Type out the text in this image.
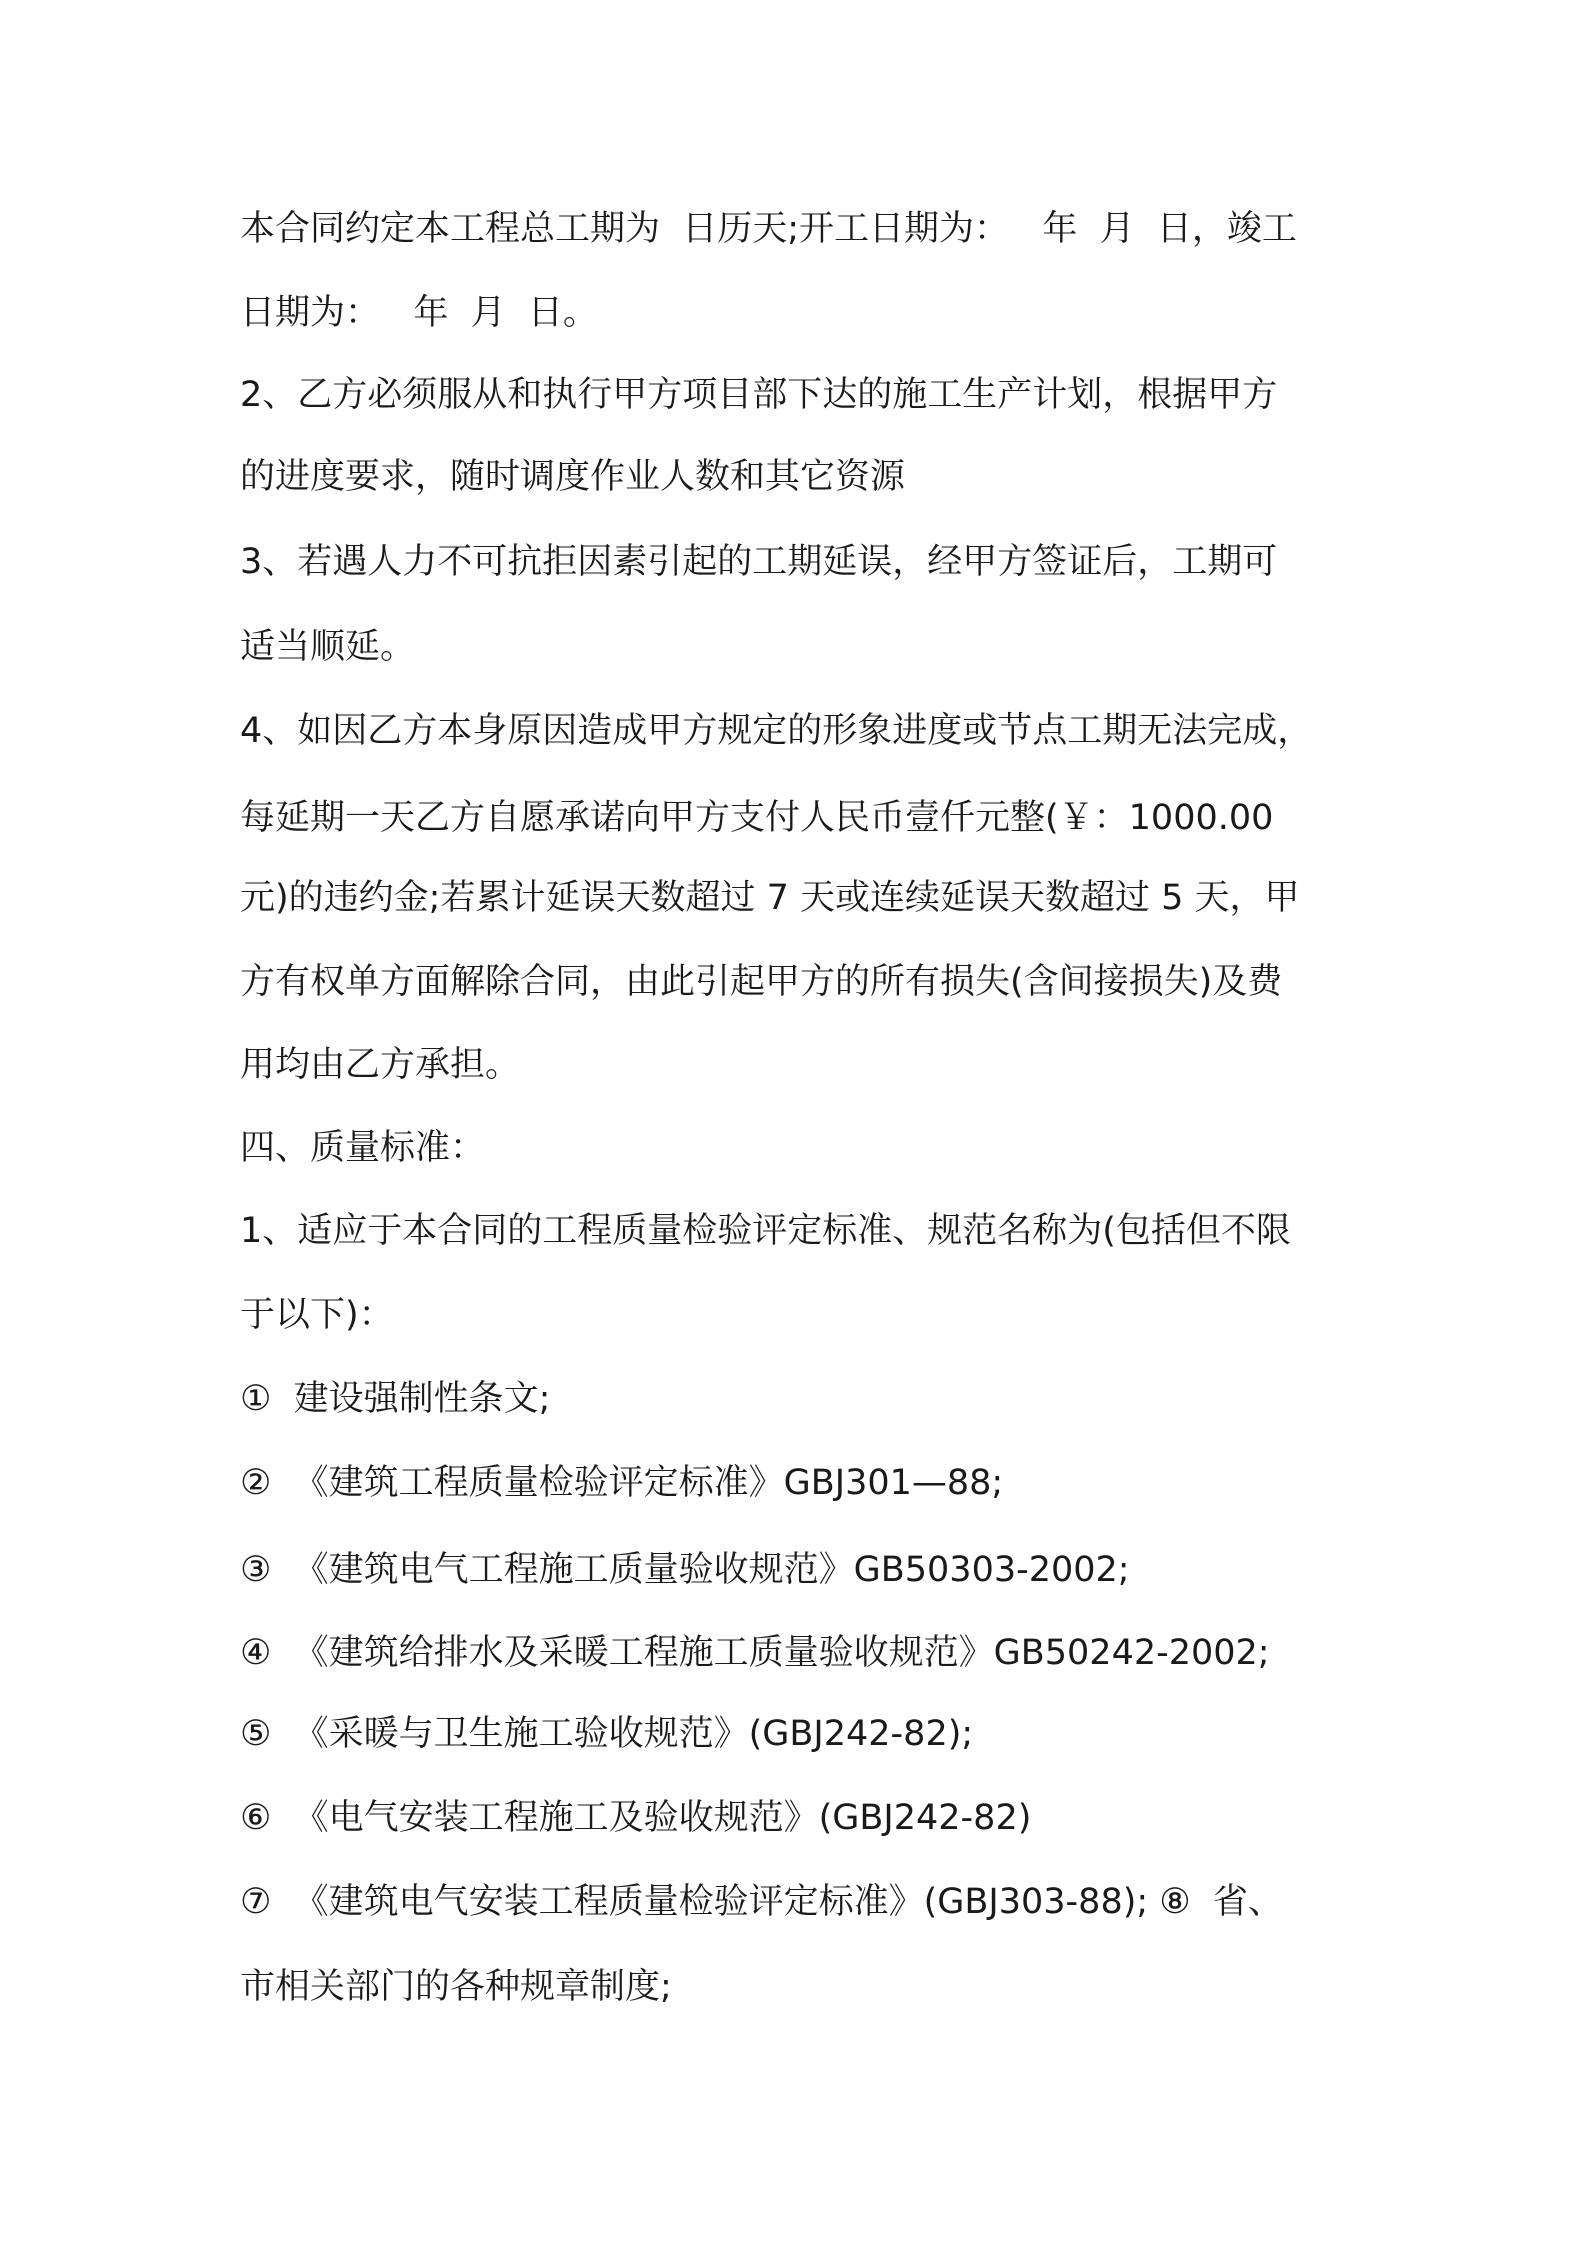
本合同约定本工程总工期为  日历天;开工日期为：   年  月  日，竣工

日期为：   年  月  日。

2、乙方必须服从和执行甲方项目部下达的施工生产计划，根据甲方

的进度要求，随时调度作业人数和其它资源

3、若遇人力不可抗拒因素引起的工期延误，经甲方签证后，工期可

适当顺延。

4、如因乙方本身原因造成甲方规定的形象进度或节点工期无法完成，

每延期一天乙方自愿承诺向甲方支付人民币壹仟元整(￥：1000.00

元)的违约金;若累计延误天数超过 7 天或连续延误天数超过 5 天，甲

方有权单方面解除合同，由此引起甲方的所有损失(含间接损失)及费

用均由乙方承担。

四、质量标准：

1、适应于本合同的工程质量检验评定标准、规范名称为(包括但不限

于以下)：

①  建设强制性条文;

②  《建筑工程质量检验评定标准》GBJ301—88;

③  《建筑电气工程施工质量验收规范》GB50303-2002;

④  《建筑给排水及采暖工程施工质量验收规范》GB50242-2002;

⑤  《采暖与卫生施工验收规范》(GBJ242-82);

⑥  《电气安装工程施工及验收规范》(GBJ242-82)

⑦  《建筑电气安装工程质量检验评定标准》(GBJ303-88); ⑧  省、

市相关部门的各种规章制度;
